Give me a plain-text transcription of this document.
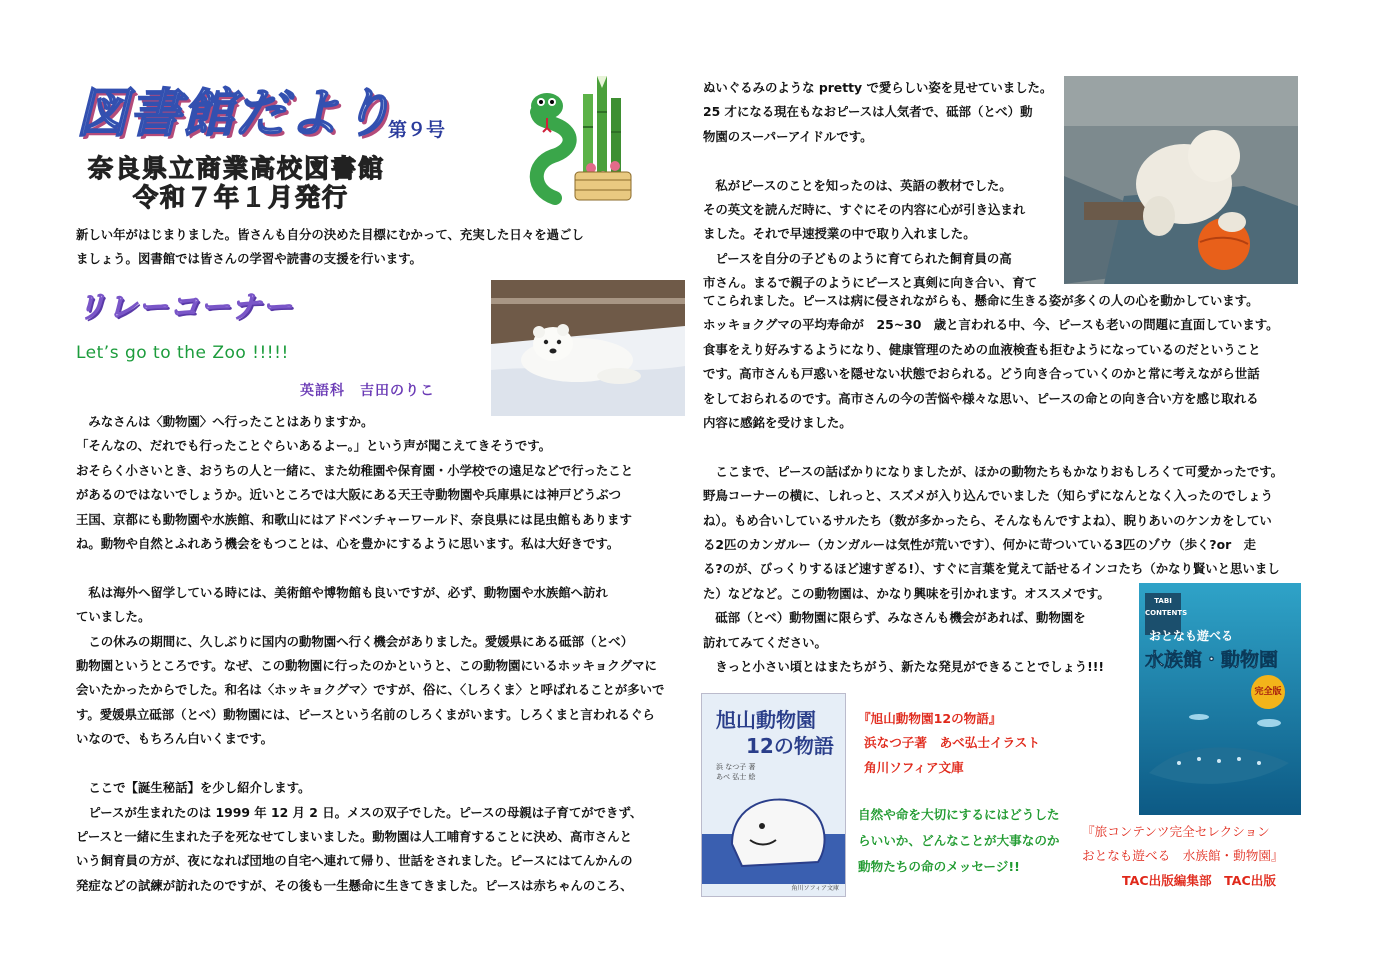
図書館だより
第９号
奈良県立商業高校図書館
令和７年１月発行

新しい年がはじまりました。皆さんも自分の決めた目標にむかって、充実した日々を過ごし

ましょう。図書館では皆さんの学習や読書の支援を行います。

リレーコーナー
Let’s go to the Zoo !!!!!
英語科　吉田のりこ

　みなさんは〈動物園〉へ行ったことはありますか。

「そんなの、だれでも行ったことぐらいあるよー。」という声が聞こえてきそうです。

おそらく小さいとき、おうちの人と一緒に、また幼稚園や保育園・小学校での遠足などで行ったこと

があるのではないでしょうか。近いところでは大阪にある天王寺動物園や兵庫県には神戸どうぶつ

王国、京都にも動物園や水族館、和歌山にはアドベンチャーワールド、奈良県には昆虫館もあります

ね。動物や自然とふれあう機会をもつことは、心を豊かにするように思います。私は大好きです。

　私は海外へ留学している時には、美術館や博物館も良いですが、必ず、動物園や水族館へ訪れ

ていました。

　この休みの期間に、久しぶりに国内の動物園へ行く機会がありました。愛媛県にある砥部（とべ）

動物園というところです。なぜ、この動物園に行ったのかというと、この動物園にいるホッキョクグマに

会いたかったからでした。和名は〈ホッキョクグマ〉ですが、俗に、〈しろくま〉と呼ばれることが多いで

す。愛媛県立砥部（とべ）動物園には、ピースという名前のしろくまがいます。しろくまと言われるぐら

いなので、もちろん白いくまです。

　ここで【誕生秘話】を少し紹介します。

　ピースが生まれたのは 1999 年 12 月 2 日。メスの双子でした。ピースの母親は子育てができず、

ピースと一緒に生まれた子を死なせてしまいました。動物園は人工哺育することに決め、高市さんと

いう飼育員の方が、夜になれば団地の自宅へ連れて帰り、世話をされました。ピースにはてんかんの

発症などの試練が訪れたのですが、その後も一生懸命に生きてきました。ピースは赤ちゃんのころ、

ぬいぐるみのような pretty で愛らしい姿を見せていました。

25 才になる現在もなおピースは人気者で、砥部（とべ）動

物園のスーパーアイドルです。

　私がピースのことを知ったのは、英語の教材でした。

その英文を読んだ時に、すぐにその内容に心が引き込まれ

ました。それで早速授業の中で取り入れました。

　ピースを自分の子どものように育てられた飼育員の高

市さん。まるで親子のようにピースと真剣に向き合い、育て

てこられました。ピースは病に侵されながらも、懸命に生きる姿が多くの人の心を動かしています。

ホッキョクグマの平均寿命が　25~30　歳と言われる中、今、ピースも老いの問題に直面しています。

食事をえり好みするようになり、健康管理のための血液検査も拒むようになっているのだということ

です。高市さんも戸惑いを隠せない状態でおられる。どう向き合っていくのかと常に考えながら世話

をしておられるのです。高市さんの今の苦悩や様々な思い、ピースの命との向き合い方を感じ取れる

内容に感銘を受けました。

　ここまで、ピースの話ばかりになりましたが、ほかの動物たちもかなりおもしろくて可愛かったです。

野鳥コーナーの横に、しれっと、スズメが入り込んでいました（知らずになんとなく入ったのでしょう

ね）。もめ合いしているサルたち（数が多かったら、そんなもんですよね）、睨りあいのケンカをしてい

る2匹のカンガルー（カンガルーは気性が荒いです）、何かに苛ついている3匹のゾウ（歩く?or　走

る?のが、びっくりするほど速すぎる!）、すぐに言葉を覚えて話せるインコたち（かなり賢いと思いまし

た）などなど。この動物園は、かなり興味を引かれます。オススメです。

　砥部（とべ）動物園に限らず、みなさんも機会があれば、動物園を

訪れてみてください。

　きっと小さい頃とはまたちがう、新たな発見ができることでしょう!!!

旭山動物園
12の物語
浜 なつ子 著
あべ 弘士 絵
角川ソフィア文庫
『旭山動物園12の物語』
浜なつ子著　あべ弘士イラスト
角川ソフィア文庫
自然や命を大切にするにはどうした
らいいか、どんなことが大事なのか
動物たちの命のメッセージ!!
TABI CONTENTS
おとなも遊べる
水族館・動物園
完全版
『旅コンテンツ完全セレクション
おとなも遊べる　水族館・動物園』
TAC出版編集部　TAC出版
